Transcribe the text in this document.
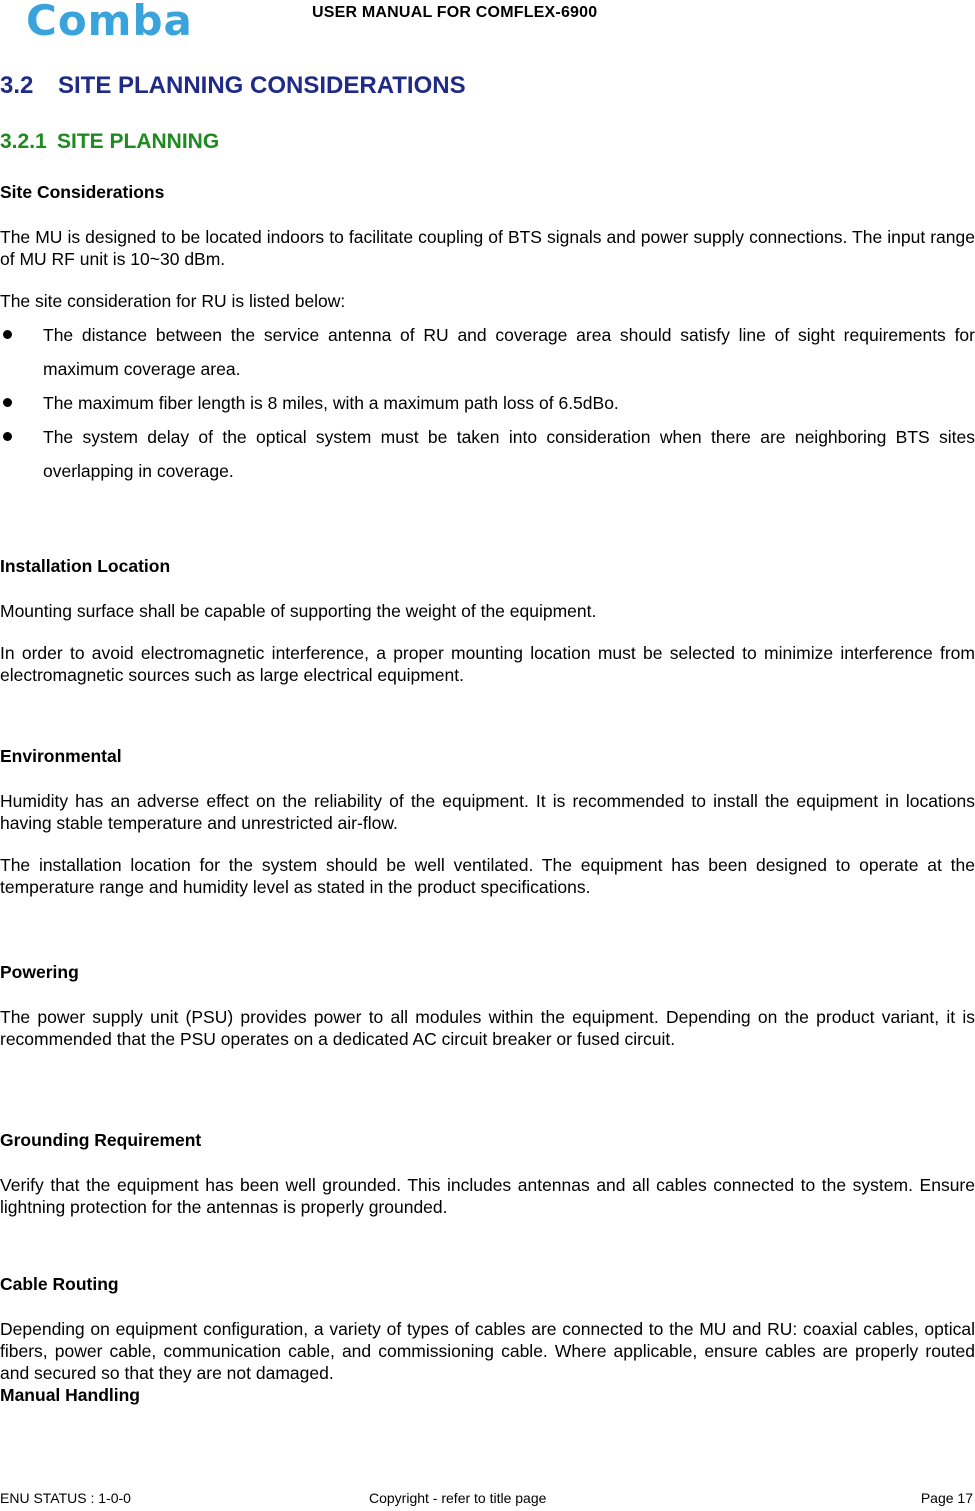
Comba	USER MANUAL FOR COMFLEX-6900
3.2 SITE PLANNING CONSIDERATIONS
3.2.1 SITE PLANNING
Site Considerations

The MU is designed to be located indoors to facilitate coupling of BTS signals and power supply connections. The input range of MU RF unit is 10~30 dBm.

The site consideration for RU is listed below:

The distance between the service antenna of RU and coverage area should satisfy line of sight requirements for maximum coverage area.
The maximum fiber length is 8 miles, with a maximum path loss of 6.5dBo.
The system delay of the optical system must be taken into consideration when there are neighboring BTS sites overlapping in coverage.
Installation Location

Mounting surface shall be capable of supporting the weight of the equipment.

In order to avoid electromagnetic interference, a proper mounting location must be selected to minimize interference from electromagnetic sources such as large electrical equipment.

Environmental

Humidity has an adverse effect on the reliability of the equipment. It is recommended to install the equipment in locations having stable temperature and unrestricted air-flow.

The installation location for the system should be well ventilated. The equipment has been designed to operate at the temperature range and humidity level as stated in the product specifications.

Powering

The power supply unit (PSU) provides power to all modules within the equipment. Depending on the product variant, it is recommended that the PSU operates on a dedicated AC circuit breaker or fused circuit.

Grounding Requirement

Verify that the equipment has been well grounded. This includes antennas and all cables connected to the system. Ensure lightning protection for the antennas is properly grounded.

Cable Routing

Depending on equipment configuration, a variety of types of cables are connected to the MU and RU: coaxial cables, optical fibers, power cable, communication cable, and commissioning cable. Where applicable, ensure cables are properly routed and secured so that they are not damaged.

Manual Handling
ENU STATUS : 1-0-0	Copyright - refer to title page	Page 17
